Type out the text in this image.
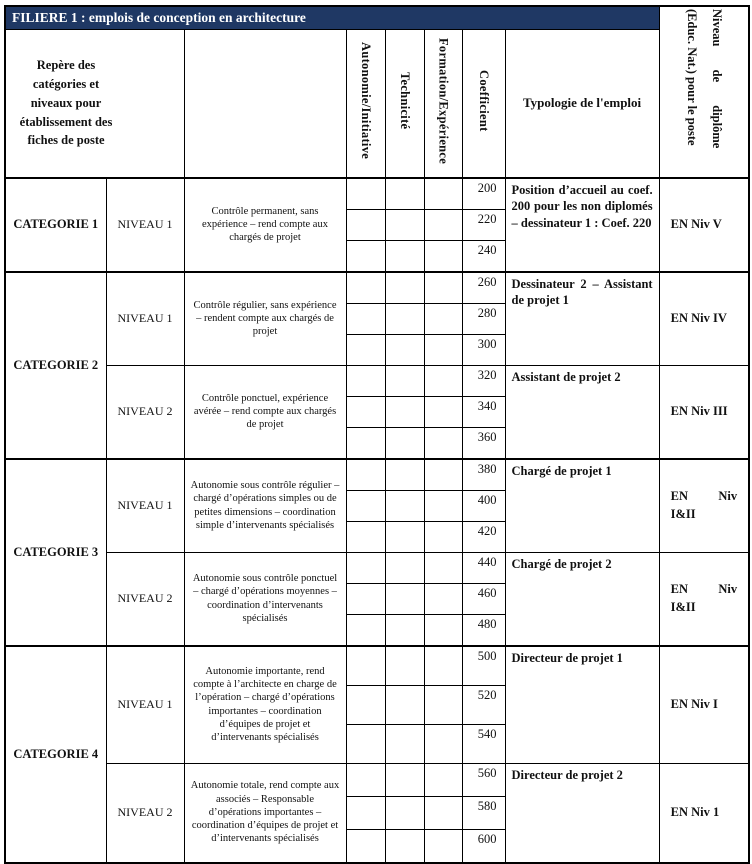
FILIERE 1 : emplois de conception en architecture								Niveau de diplôme
(Educ. Nat.) pour le poste

Repère des catégories et niveaux pour établissement des fiches de poste			Autonomie/Initiative	Technicité	Formation/Expérience	Coefficient	Typologie de l'emploi	
CATEGORIE 1	NIVEAU 1	Contrôle permanent, sans expérience – rend compte aux chargés de projet				200	Position d’accueil au coef. 200 pour les non diplomés – dessinateur 1 : Coef. 220	EN Niv V
						220		
						240		
CATEGORIE 2	NIVEAU 1	Contrôle régulier, sans expérience – rendent compte aux chargés de projet				260	Dessinateur 2 – Assistant de projet 1	EN Niv IV
						280		
						300		
	NIVEAU 2	Contrôle ponctuel, expérience avérée – rend compte aux chargés de projet				320	Assistant de projet 2	EN Niv III
						340		
						360		
CATEGORIE 3	NIVEAU 1	Autonomie sous contrôle régulier – chargé d’opérations simples ou de petites dimensions – coordination simple d’intervenants spécialisés				380	Chargé de projet 1	EN Niv I&II
						400		
						420		
	NIVEAU 2	Autonomie sous contrôle ponctuel – chargé d’opérations moyennes – coordination d’intervenants spécialisés				440	Chargé de projet 2	EN Niv I&II
						460		
						480		
CATEGORIE 4	NIVEAU 1	Autonomie importante, rend compte à l’architecte en charge de l’opération – chargé d’opérations importantes – coordination d’équipes de projet et d’intervenants spécialisés				500	Directeur de projet 1	EN Niv I
						520		
						540		
	NIVEAU 2	Autonomie totale, rend compte aux associés – Responsable d’opérations importantes – coordination d’équipes de projet et d’intervenants spécialisés				560	Directeur de projet 2	EN Niv 1
						580		
						600		
